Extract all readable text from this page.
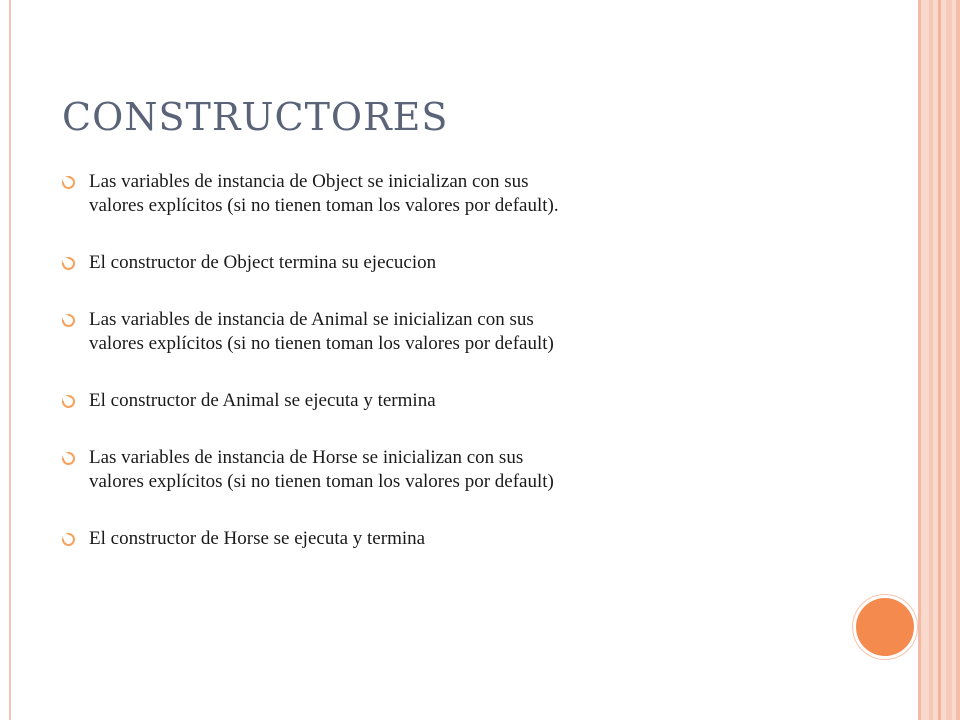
CONSTRUCTORES
Las variables de instancia de Object se inicializan con sus
valores explícitos (si no tienen toman los valores por default).
El constructor de Object termina su ejecucion
Las variables de instancia de Animal se inicializan con sus
valores explícitos (si no tienen toman los valores por default)
El constructor de Animal se ejecuta y termina
Las variables de instancia de Horse se inicializan con sus
valores explícitos (si no tienen toman los valores por default)
El constructor de Horse se ejecuta y termina
